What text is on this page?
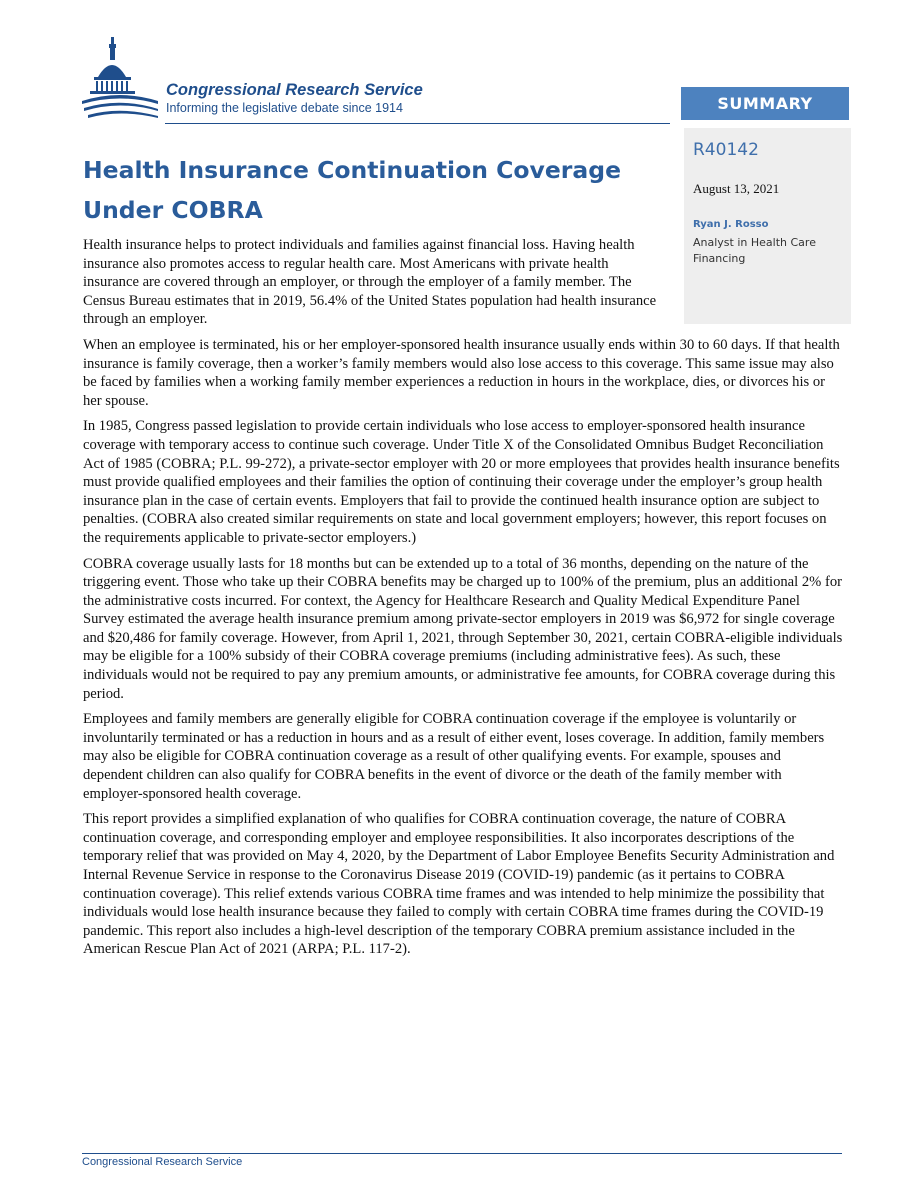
Congressional Research Service
Informing the legislative debate since 1914	SUMMARY
R40142
August 13, 2021
Ryan J. Rosso
Analyst in Health Care Financing
Health Insurance Continuation Coverage
Under COBRA

Health insurance helps to protect individuals and families against financial loss. Having health insurance also promotes access to regular health care. Most Americans with private health insurance are covered through an employer, or through the employer of a family member. The Census Bureau estimates that in 2019, 56.4% of the United States population had health insurance through an employer.

When an employee is terminated, his or her employer-sponsored health insurance usually ends within 30 to 60 days. If that health insurance is family coverage, then a worker’s family members would also lose access to this coverage. This same issue may also be faced by families when a working family member experiences a reduction in hours in the workplace, dies, or divorces his or her spouse.

In 1985, Congress passed legislation to provide certain individuals who lose access to employer-sponsored health insurance coverage with temporary access to continue such coverage. Under Title X of the Consolidated Omnibus Budget Reconciliation Act of 1985 (COBRA; P.L. 99-272), a private-sector employer with 20 or more employees that provides health insurance benefits must provide qualified employees and their families the option of continuing their coverage under the employer’s group health insurance plan in the case of certain events. Employers that fail to provide the continued health insurance option are subject to penalties. (COBRA also created similar requirements on state and local government employers; however, this report focuses on the requirements applicable to private-sector employers.)

COBRA coverage usually lasts for 18 months but can be extended up to a total of 36 months, depending on the nature of the triggering event. Those who take up their COBRA benefits may be charged up to 100% of the premium, plus an additional 2% for the administrative costs incurred. For context, the Agency for Healthcare Research and Quality Medical Expenditure Panel Survey estimated the average health insurance premium among private-sector employers in 2019 was $6,972 for single coverage and $20,486 for family coverage. However, from April 1, 2021, through September 30, 2021, certain COBRA-eligible individuals may be eligible for a 100% subsidy of their COBRA coverage premiums (including administrative fees). As such, these individuals would not be required to pay any premium amounts, or administrative fee amounts, for COBRA coverage during this period.

Employees and family members are generally eligible for COBRA continuation coverage if the employee is voluntarily or involuntarily terminated or has a reduction in hours and as a result of either event, loses coverage. In addition, family members may also be eligible for COBRA continuation coverage as a result of other qualifying events. For example, spouses and dependent children can also qualify for COBRA benefits in the event of divorce or the death of the family member with employer-sponsored health coverage.

This report provides a simplified explanation of who qualifies for COBRA continuation coverage, the nature of COBRA continuation coverage, and corresponding employer and employee responsibilities. It also incorporates descriptions of the temporary relief that was provided on May 4, 2020, by the Department of Labor Employee Benefits Security Administration and Internal Revenue Service in response to the Coronavirus Disease 2019 (COVID-19) pandemic (as it pertains to COBRA continuation coverage). This relief extends various COBRA time frames and was intended to help minimize the possibility that individuals would lose health insurance because they failed to comply with certain COBRA time frames during the COVID-19 pandemic. This report also includes a high-level description of the temporary COBRA premium assistance included in the American Rescue Plan Act of 2021 (ARPA; P.L. 117-2).

Congressional Research Service
